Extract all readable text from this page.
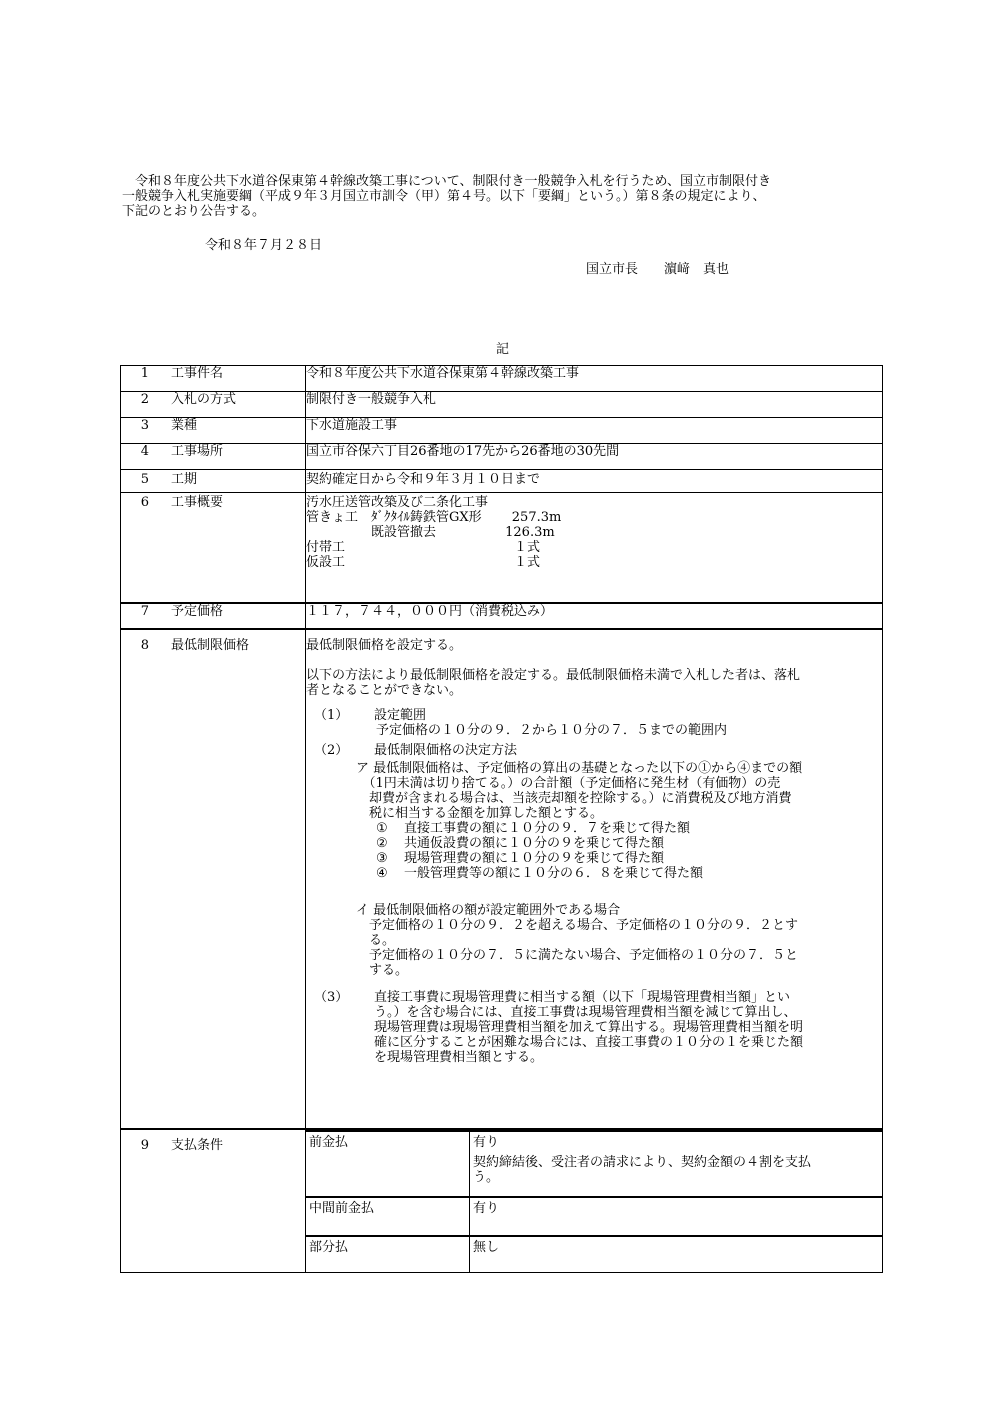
令和８年度公共下水道谷保東第４幹線改築工事について、制限付き一般競争入札を行うため、国立市制限付き

一般競争入札実施要綱（平成９年３月国立市訓令（甲）第４号。以下「要綱」という。）第８条の規定により、
下記のとおり公告する。
令和８年７月２８日
国立市長 濵﨑　真也
記
1 工事件名	令和８年度公共下水道谷保東第４幹線改築工事
2 入札の方式	制限付き一般競争入札
3 業種	下水道施設工事
4 工事場所	国立市谷保六丁目26番地の17先から26番地の30先間
5 工期	契約確定日から令和９年３月１０日まで
6 工事概要	汚水圧送管改築及び二条化工事
管きょ工　ﾀﾞｸﾀｲﾙ鋳鉄管GX形　　 257.3m
　　　　　既設管撤去　　　　　 126.3m
付帯工　　　　　　　　　　　　　１式
仮設工　　　　　　　　　　　　　１式

7 予定価格	１１７，７４４，０００円（消費税込み）
8 最低制限価格	最低制限価格を設定する。
以下の方法により最低制限価格を設定する。最低制限価格未満で入札した者は、落札
者となることができない。
（1）	設定範囲
予定価格の１０分の９．２から１０分の７．５までの範囲内
（2）	最低制限価格の決定方法
ア 最低制限価格は、予定価格の算出の基礎となった以下の①から④までの額
　（1円未満は切り捨てる。）の合計額（予定価格に発生材（有価物）の売
　却費が含まれる場合は、当該売却額を控除する。）に消費税及び地方消費
　税に相当する金額を加算した額とする。
① 直接工事費の額に１０分の９．７を乗じて得た額
② 共通仮設費の額に１０分の９を乗じて得た額
③ 現場管理費の額に１０分の９を乗じて得た額
④ 一般管理費等の額に１０分の６．８を乗じて得た額
イ 最低制限価格の額が設定範囲外である場合
　予定価格の１０分の９．２を超える場合、予定価格の１０分の９．２とす
　る。
　予定価格の１０分の７．５に満たない場合、予定価格の１０分の７．５と
　する。
（3）	直接工事費に現場管理費に相当する額（以下「現場管理費相当額」とい
う。）を含む場合には、直接工事費は現場管理費相当額を減じて算出し、
現場管理費は現場管理費相当額を加えて算出する。現場管理費相当額を明
確に区分することが困難な場合には、直接工事費の１０分の１を乗じた額
を現場管理費相当額とする。

9 支払条件		前金払	有り
契約締結後、受注者の請求により、契約金額の４割を支払
う。

中間前金払	有り
部分払	無し
